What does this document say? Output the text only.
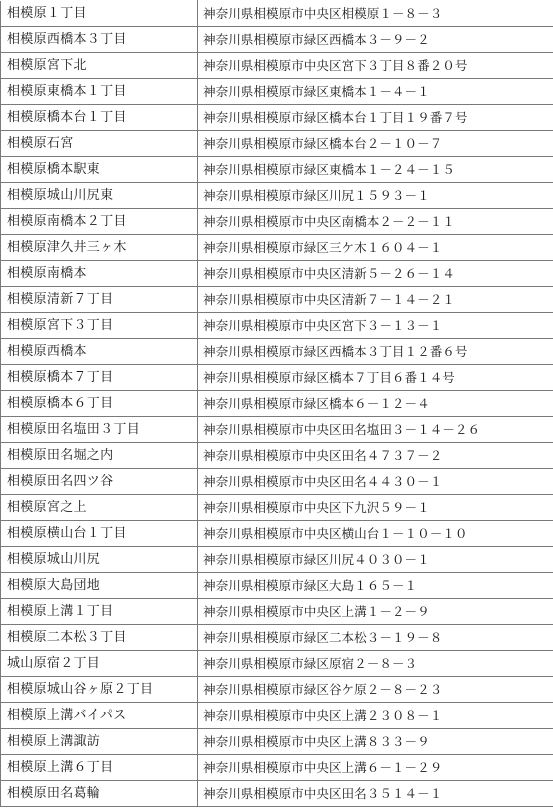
相模原１丁目	神奈川県相模原市中央区相模原１－８－３
相模原西橋本３丁目	神奈川県相模原市緑区西橋本３－９－２
相模原宮下北	神奈川県相模原市中央区宮下３丁目８番２０号
相模原東橋本１丁目	神奈川県相模原市緑区東橋本１－４－１
相模原橋本台１丁目	神奈川県相模原市緑区橋本台１丁目１９番７号
相模原石宮	神奈川県相模原市緑区橋本台２－１０－７
相模原橋本駅東	神奈川県相模原市緑区東橋本１－２４－１５
相模原城山川尻東	神奈川県相模原市緑区川尻１５９３－１
相模原南橋本２丁目	神奈川県相模原市中央区南橋本２－２－１１
相模原津久井三ヶ木	神奈川県相模原市緑区三ケ木１６０４－１
相模原南橋本	神奈川県相模原市中央区清新５－２６－１４
相模原清新７丁目	神奈川県相模原市中央区清新７－１４－２１
相模原宮下３丁目	神奈川県相模原市中央区宮下３－１３－１
相模原西橋本	神奈川県相模原市緑区西橋本３丁目１２番６号
相模原橋本７丁目	神奈川県相模原市緑区橋本７丁目６番１４号
相模原橋本６丁目	神奈川県相模原市緑区橋本６－１２－４
相模原田名塩田３丁目	神奈川県相模原市中央区田名塩田３－１４－２６
相模原田名堀之内	神奈川県相模原市中央区田名４７３７－２
相模原田名四ツ谷	神奈川県相模原市中央区田名４４３０－１
相模原宮之上	神奈川県相模原市中央区下九沢５９－１
相模原横山台１丁目	神奈川県相模原市中央区横山台１－１０－１０
相模原城山川尻	神奈川県相模原市緑区川尻４０３０－１
相模原大島団地	神奈川県相模原市緑区大島１６５－１
相模原上溝１丁目	神奈川県相模原市中央区上溝１－２－９
相模原二本松３丁目	神奈川県相模原市緑区二本松３－１９－８
城山原宿２丁目	神奈川県相模原市緑区原宿２－８－３
相模原城山谷ヶ原２丁目	神奈川県相模原市緑区谷ケ原２－８－２３
相模原上溝バイパス	神奈川県相模原市中央区上溝２３０８－１
相模原上溝諏訪	神奈川県相模原市中央区上溝８３３－９
相模原上溝６丁目	神奈川県相模原市中央区上溝６－１－２９
相模原田名葛輪	神奈川県相模原市中央区田名３５１４－１
